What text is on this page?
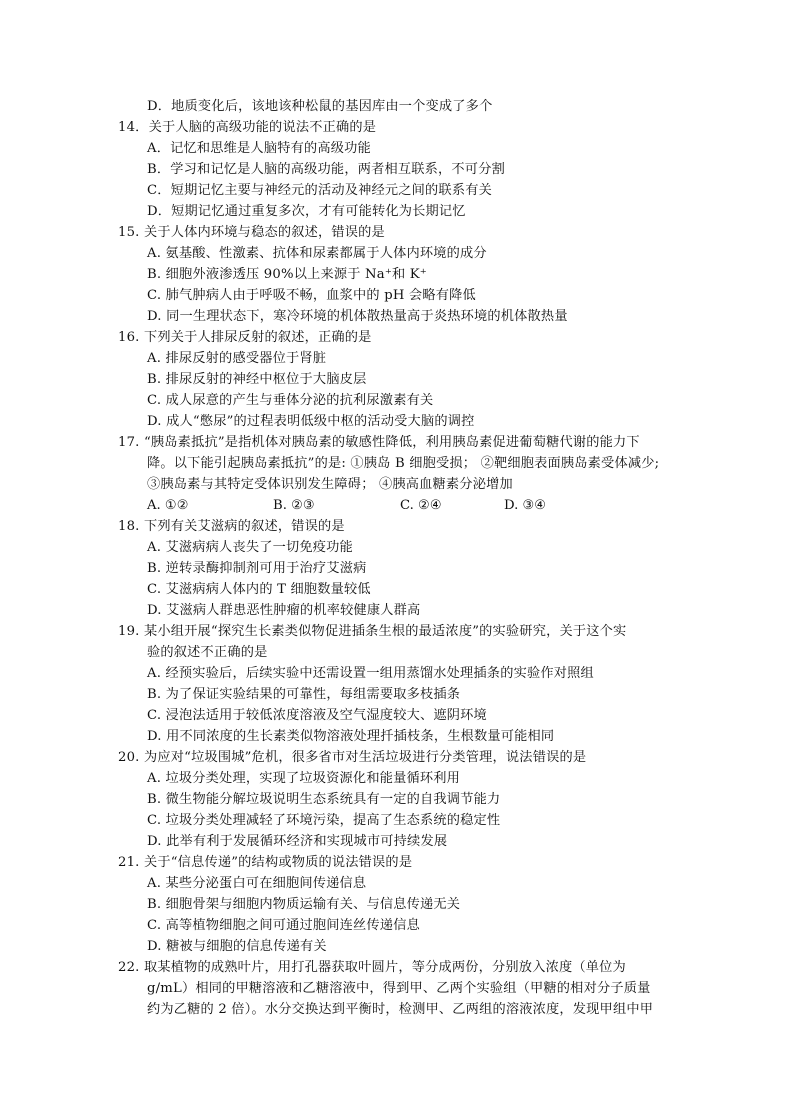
D．地质变化后，该地该种松鼠的基因库由一个变成了多个
14．关于人脑的高级功能的说法不正确的是
A．记忆和思维是人脑特有的高级功能
B．学习和记忆是人脑的高级功能，两者相互联系，不可分割
C．短期记忆主要与神经元的活动及神经元之间的联系有关
D．短期记忆通过重复多次，才有可能转化为长期记忆
15. 关于人体内环境与稳态的叙述，错误的是
A. 氨基酸、性激素、抗体和尿素都属于人体内环境的成分
B. 细胞外液渗透压 90%以上来源于 Na⁺和 K⁺
C. 肺气肿病人由于呼吸不畅，血浆中的 pH 会略有降低
D. 同一生理状态下，寒冷环境的机体散热量高于炎热环境的机体散热量
16. 下列关于人排尿反射的叙述，正确的是
A. 排尿反射的感受器位于肾脏
B. 排尿反射的神经中枢位于大脑皮层
C. 成人尿意的产生与垂体分泌的抗利尿激素有关
D. 成人“憋尿”的过程表明低级中枢的活动受大脑的调控
17. “胰岛素抵抗”是指机体对胰岛素的敏感性降低，利用胰岛素促进葡萄糖代谢的能力下
降。以下能引起胰岛素抵抗”的是: ①胰岛 B 细胞受损； ②靶细胞表面胰岛素受体减少;
③胰岛素与其特定受体识别发生障碍； ④胰高血糖素分泌增加
A. ①②	B. ②③	C. ②④	D. ③④
18. 下列有关艾滋病的叙述，错误的是
A. 艾滋病病人丧失了一切免疫功能
B. 逆转录酶抑制剂可用于治疗艾滋病
C. 艾滋病病人体内的 T 细胞数量较低
D. 艾滋病人群患恶性肿瘤的机率较健康人群高
19. 某小组开展“探究生长素类似物促进插条生根的最适浓度”的实验研究，关于这个实
验的叙述不正确的是
A. 经预实验后，后续实验中还需设置一组用蒸馏水处理插条的实验作对照组
B. 为了保证实验结果的可靠性，每组需要取多枝插条
C. 浸泡法适用于较低浓度溶液及空气湿度较大、遮阴环境
D. 用不同浓度的生长素类似物溶液处理扦插枝条，生根数量可能相同
20. 为应对“垃圾围城”危机，很多省市对生活垃圾进行分类管理，说法错误的是
A. 垃圾分类处理，实现了垃圾资源化和能量循环利用
B. 微生物能分解垃圾说明生态系统具有一定的自我调节能力
C. 垃圾分类处理减轻了环境污染，提高了生态系统的稳定性
D. 此举有利于发展循环经济和实现城市可持续发展
21. 关于“信息传递”的结构或物质的说法错误的是
A. 某些分泌蛋白可在细胞间传递信息
B. 细胞骨架与细胞内物质运输有关、与信息传递无关
C. 高等植物细胞之间可通过胞间连丝传递信息
D. 糖被与细胞的信息传递有关
22. 取某植物的成熟叶片，用打孔器获取叶圆片，等分成两份，分别放入浓度（单位为
g/mL）相同的甲糖溶液和乙糖溶液中，得到甲、乙两个实验组（甲糖的相对分子质量
约为乙糖的 2 倍）。水分交换达到平衡时，检测甲、乙两组的溶液浓度，发现甲组中甲
